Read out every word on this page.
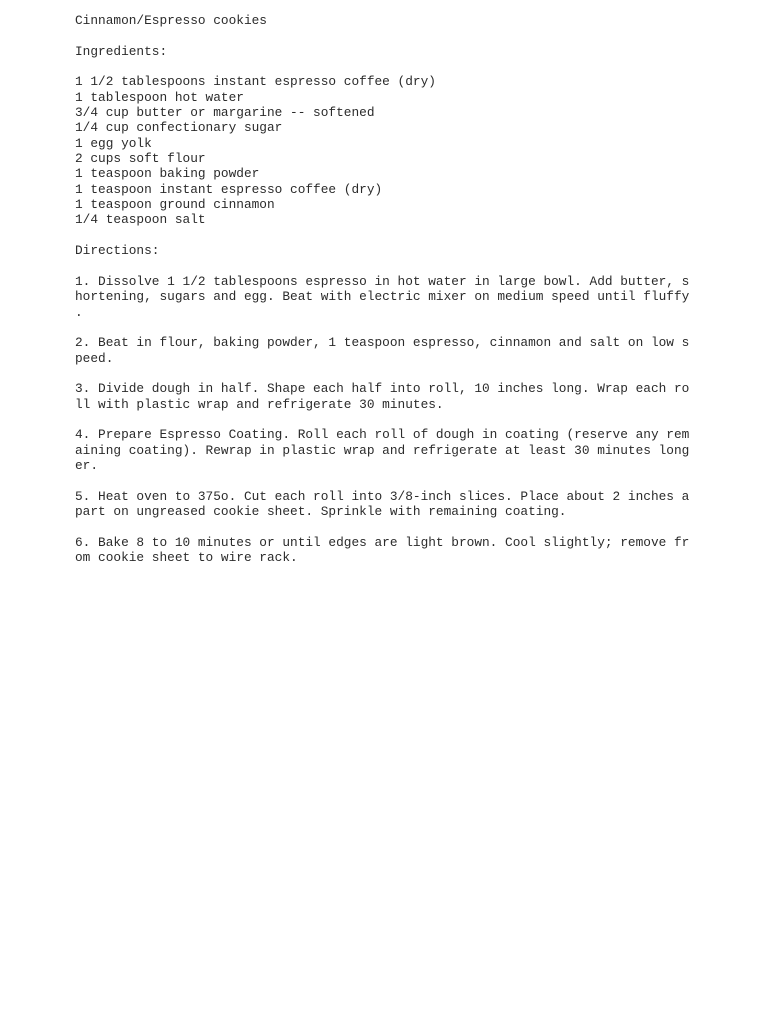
Cinnamon/Espresso cookies
Ingredients:
1 1/2 tablespoons instant espresso coffee (dry)
1 tablespoon hot water
3/4 cup butter or margarine -- softened
1/4 cup confectionary sugar
1 egg yolk
2 cups soft flour
1 teaspoon baking powder
1 teaspoon instant espresso coffee (dry)
1 teaspoon ground cinnamon
1/4 teaspoon salt
Directions:
1. Dissolve 1 1/2 tablespoons espresso in hot water in large bowl. Add butter, s
hortening, sugars and egg. Beat with electric mixer on medium speed until fluffy
.
2. Beat in flour, baking powder, 1 teaspoon espresso, cinnamon and salt on low s
peed.
3. Divide dough in half. Shape each half into roll, 10 inches long. Wrap each ro
ll with plastic wrap and refrigerate 30 minutes.
4. Prepare Espresso Coating. Roll each roll of dough in coating (reserve any rem
aining coating). Rewrap in plastic wrap and refrigerate at least 30 minutes long
er.
5. Heat oven to 375o. Cut each roll into 3/8-inch slices. Place about 2 inches a
part on ungreased cookie sheet. Sprinkle with remaining coating.
6. Bake 8 to 10 minutes or until edges are light brown. Cool slightly; remove fr
om cookie sheet to wire rack.
